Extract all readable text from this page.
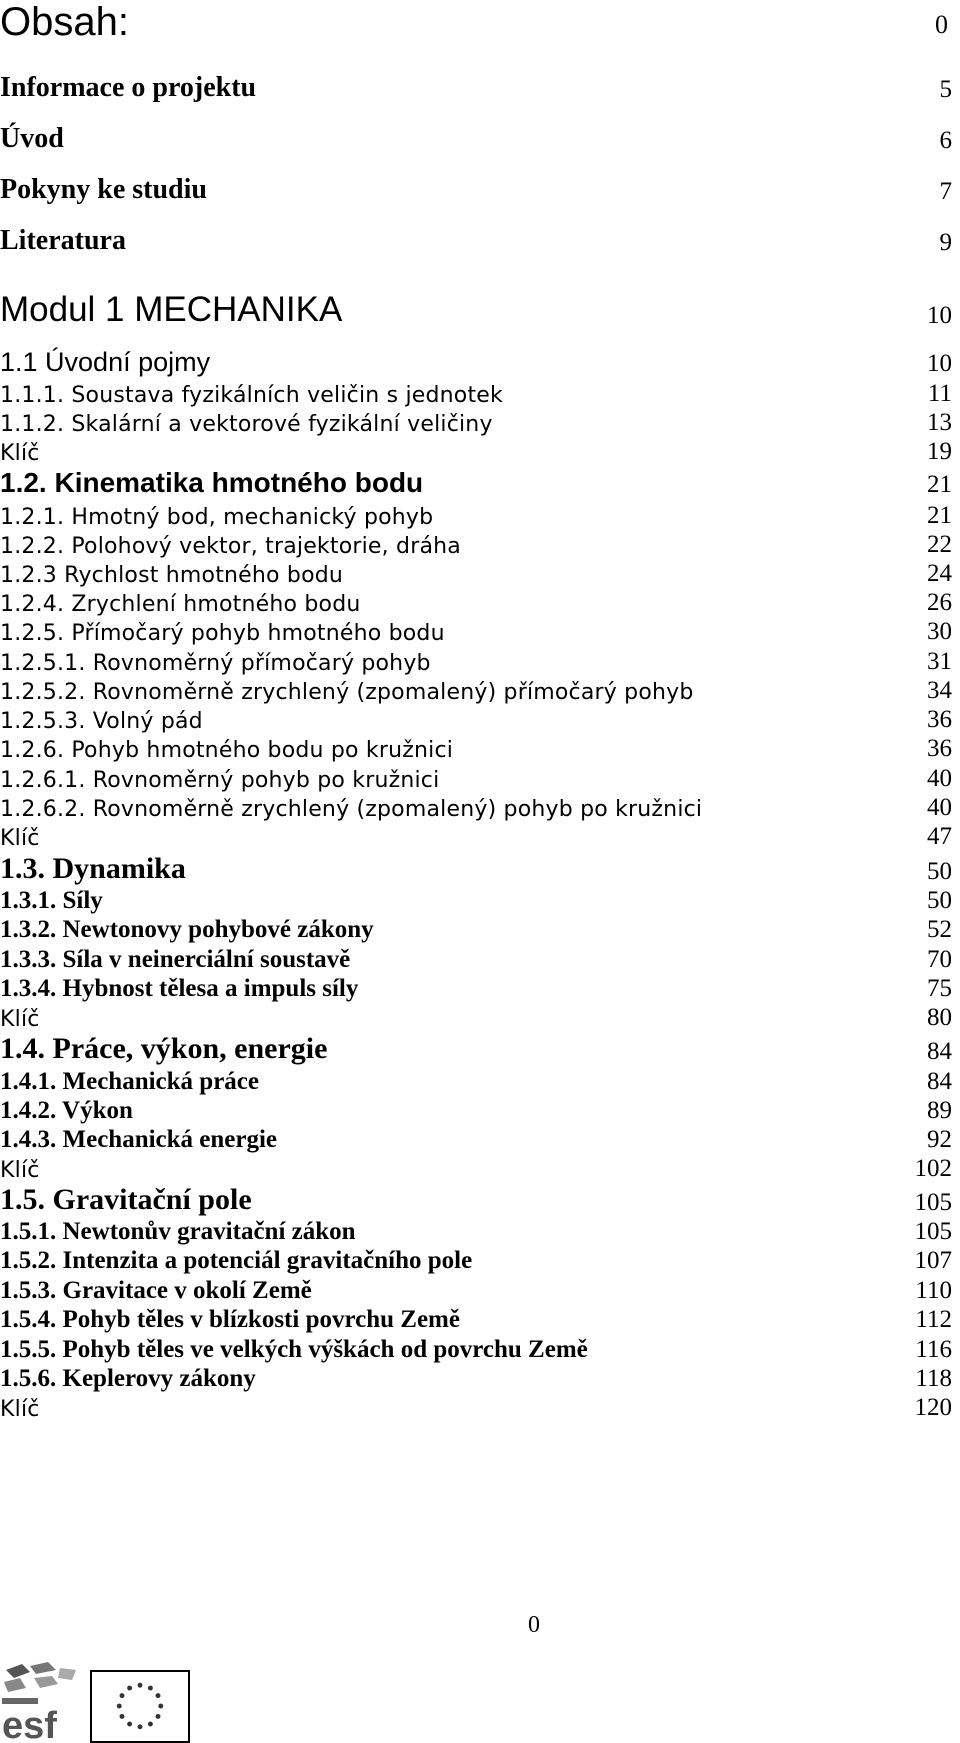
Obsah:	0
Informace o projektu	5
Úvod	6
Pokyny ke studiu	7
Literatura	9
Modul 1 MECHANIKA	10
1.1 Úvodní pojmy	10
1.1.1. Soustava fyzikálních veličin s jednotek	11
1.1.2. Skalární a vektorové fyzikální veličiny	13
Klíč	19
1.2. Kinematika hmotného bodu	21
1.2.1. Hmotný bod, mechanický pohyb	21
1.2.2. Polohový vektor, trajektorie, dráha	22
1.2.3 Rychlost hmotného bodu	24
1.2.4. Zrychlení hmotného bodu	26
1.2.5. Přímočarý pohyb hmotného bodu	30
1.2.5.1. Rovnoměrný přímočarý pohyb	31
1.2.5.2. Rovnoměrně zrychlený (zpomalený) přímočarý pohyb	34
1.2.5.3. Volný pád	36
1.2.6. Pohyb hmotného bodu po kružnici	36
1.2.6.1. Rovnoměrný pohyb po kružnici	40
1.2.6.2. Rovnoměrně zrychlený (zpomalený) pohyb po kružnici	40
Klíč	47
1.3. Dynamika	50
1.3.1. Síly	50
1.3.2. Newtonovy pohybové zákony	52
1.3.3. Síla v neinerciální soustavě	70
1.3.4. Hybnost tělesa a impuls síly	75
Klíč	80
1.4. Práce, výkon, energie	84
1.4.1. Mechanická práce	84
1.4.2. Výkon	89
1.4.3. Mechanická energie	92
Klíč	102
1.5. Gravitační pole	105
1.5.1. Newtonův gravitační zákon	105
1.5.2. Intenzita a potenciál gravitačního pole	107
1.5.3. Gravitace v okolí Země	110
1.5.4. Pohyb těles v blízkosti povrchu Země	112
1.5.5. Pohyb těles ve velkých výškách od povrchu Země	116
1.5.6. Keplerovy zákony	118
Klíč	120
0
esf
